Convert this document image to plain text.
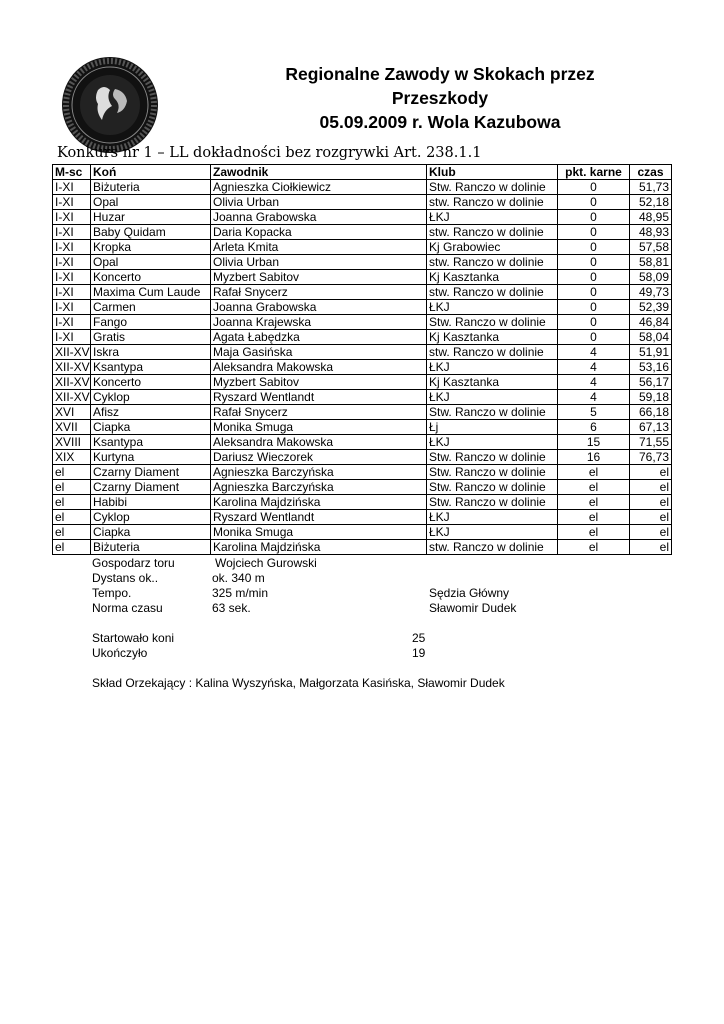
Regionalne Zawody w Skokach przez
Przeszkody
05.09.2009 r. Wola Kazubowa
Konkurs nr 1 – LL dokładności bez rozgrywki Art. 238.1.1
M-sc	Koń	Zawodnik	Klub	pkt. karne	czas
I-XI	Biżuteria	Agnieszka Ciołkiewicz	Stw. Ranczo w dolinie	0	51,73
I-XI	Opal	Olivia Urban	stw. Ranczo w dolinie	0	52,18
I-XI	Huzar	Joanna Grabowska	ŁKJ	0	48,95
I-XI	Baby Quidam	Daria Kopacka	stw. Ranczo w dolinie	0	48,93
I-XI	Kropka	Arleta Kmita	Kj Grabowiec	0	57,58
I-XI	Opal	Olivia Urban	stw. Ranczo w dolinie	0	58,81
I-XI	Koncerto	Myzbert Sabitov	Kj Kasztanka	0	58,09
I-XI	Maxima Cum Laude	Rafał Snycerz	stw. Ranczo w dolinie	0	49,73
I-XI	Carmen	Joanna Grabowska	ŁKJ	0	52,39
I-XI	Fango	Joanna Krajewska	Stw. Ranczo w dolinie	0	46,84
I-XI	Gratis	Agata Łabędzka	Kj Kasztanka	0	58,04
XII-XV	Iskra	Maja Gasińska	stw. Ranczo w dolinie	4	51,91
XII-XV	Ksantypa	Aleksandra Makowska	ŁKJ	4	53,16
XII-XV	Koncerto	Myzbert Sabitov	Kj Kasztanka	4	56,17
XII-XV	Cyklop	Ryszard Wentlandt	ŁKJ	4	59,18
XVI	Afisz	Rafał Snycerz	Stw. Ranczo w dolinie	5	66,18
XVII	Ciapka	Monika Smuga	Łj	6	67,13
XVIII	Ksantypa	Aleksandra Makowska	ŁKJ	15	71,55
XIX	Kurtyna	Dariusz Wieczorek	Stw. Ranczo w dolinie	16	76,73
el	Czarny Diament	Agnieszka Barczyńska	Stw. Ranczo w dolinie	el	el
el	Czarny Diament	Agnieszka Barczyńska	Stw. Ranczo w dolinie	el	el
el	Habibi	Karolina Majdzińska	Stw. Ranczo w dolinie	el	el
el	Cyklop	Ryszard Wentlandt	ŁKJ	el	el
el	Ciapka	Monika Smuga	ŁKJ	el	el
el	Biżuteria	Karolina Majdzińska	stw. Ranczo w dolinie	el	el
Gospodarz toru	Wojciech Gurowski
Dystans ok..	ok. 340 m
Tempo.	325 m/min	Sędzia Główny
Norma czasu	63 sek.	Sławomir Dudek
Startowało koni	25
Ukończyło	19
Skład Orzekający : Kalina Wyszyńska, Małgorzata Kasińska, Sławomir Dudek
